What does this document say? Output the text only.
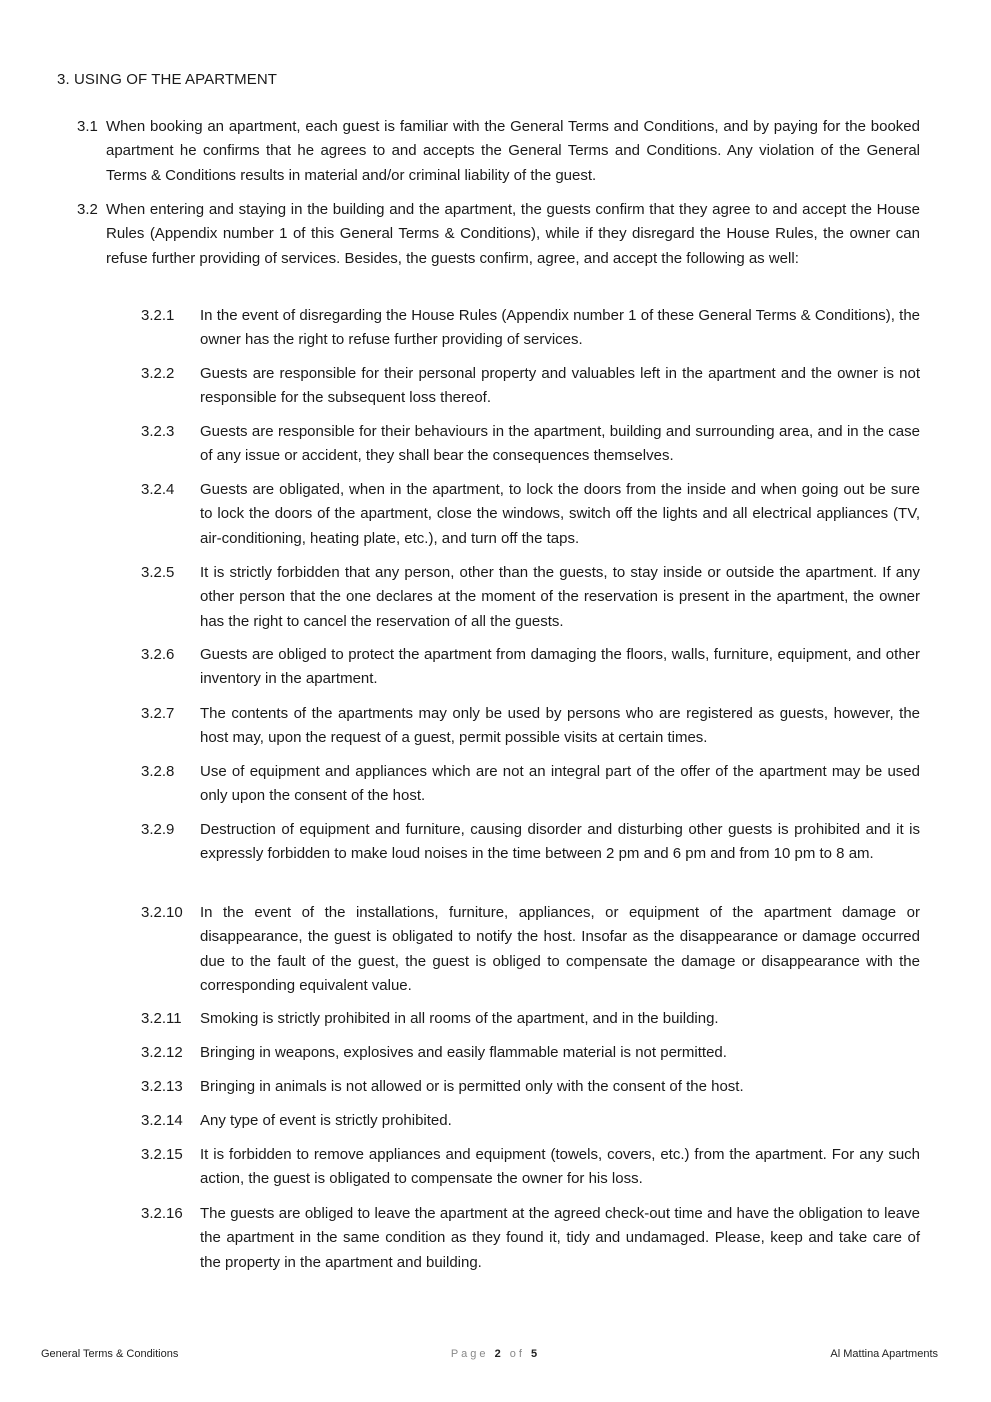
3. USING OF THE APARTMENT
3.1 When booking an apartment, each guest is familiar with the General Terms and Conditions, and by paying for the booked apartment he confirms that he agrees to and accepts the General Terms and Conditions. Any violation of the General Terms & Conditions results in material and/or criminal liability of the guest.
3.2 When entering and staying in the building and the apartment, the guests confirm that they agree to and accept the House Rules (Appendix number 1 of this General Terms & Conditions), while if they disregard the House Rules, the owner can refuse further providing of services. Besides, the guests confirm, agree, and accept the following as well:
3.2.1 In the event of disregarding the House Rules (Appendix number 1 of these General Terms & Conditions), the owner has the right to refuse further providing of services.
3.2.2 Guests are responsible for their personal property and valuables left in the apartment and the owner is not responsible for the subsequent loss thereof.
3.2.3 Guests are responsible for their behaviours in the apartment, building and surrounding area, and in the case of any issue or accident, they shall bear the consequences themselves.
3.2.4 Guests are obligated, when in the apartment, to lock the doors from the inside and when going out be sure to lock the doors of the apartment, close the windows, switch off the lights and all electrical appliances (TV, air-conditioning, heating plate, etc.), and turn off the taps.
3.2.5 It is strictly forbidden that any person, other than the guests, to stay inside or outside the apartment. If any other person that the one declares at the moment of the reservation is present in the apartment, the owner has the right to cancel the reservation of all the guests.
3.2.6 Guests are obliged to protect the apartment from damaging the floors, walls, furniture, equipment, and other inventory in the apartment.
3.2.7 The contents of the apartments may only be used by persons who are registered as guests, however, the host may, upon the request of a guest, permit possible visits at certain times.
3.2.8 Use of equipment and appliances which are not an integral part of the offer of the apartment may be used only upon the consent of the host.
3.2.9 Destruction of equipment and furniture, causing disorder and disturbing other guests is prohibited and it is expressly forbidden to make loud noises in the time between 2 pm and 6 pm and from 10 pm to 8 am.
3.2.10 In the event of the installations, furniture, appliances, or equipment of the apartment damage or disappearance, the guest is obligated to notify the host. Insofar as the disappearance or damage occurred due to the fault of the guest, the guest is obliged to compensate the damage or disappearance with the corresponding equivalent value.
3.2.11 Smoking is strictly prohibited in all rooms of the apartment, and in the building.
3.2.12 Bringing in weapons, explosives and easily flammable material is not permitted.
3.2.13 Bringing in animals is not allowed or is permitted only with the consent of the host.
3.2.14 Any type of event is strictly prohibited.
3.2.15 It is forbidden to remove appliances and equipment (towels, covers, etc.) from the apartment. For any such action, the guest is obligated to compensate the owner for his loss.
3.2.16 The guests are obliged to leave the apartment at the agreed check-out time and have the obligation to leave the apartment in the same condition as they found it, tidy and undamaged. Please, keep and take care of the property in the apartment and building.
General Terms & Conditions	Page 2 of 5	Al Mattina Apartments
